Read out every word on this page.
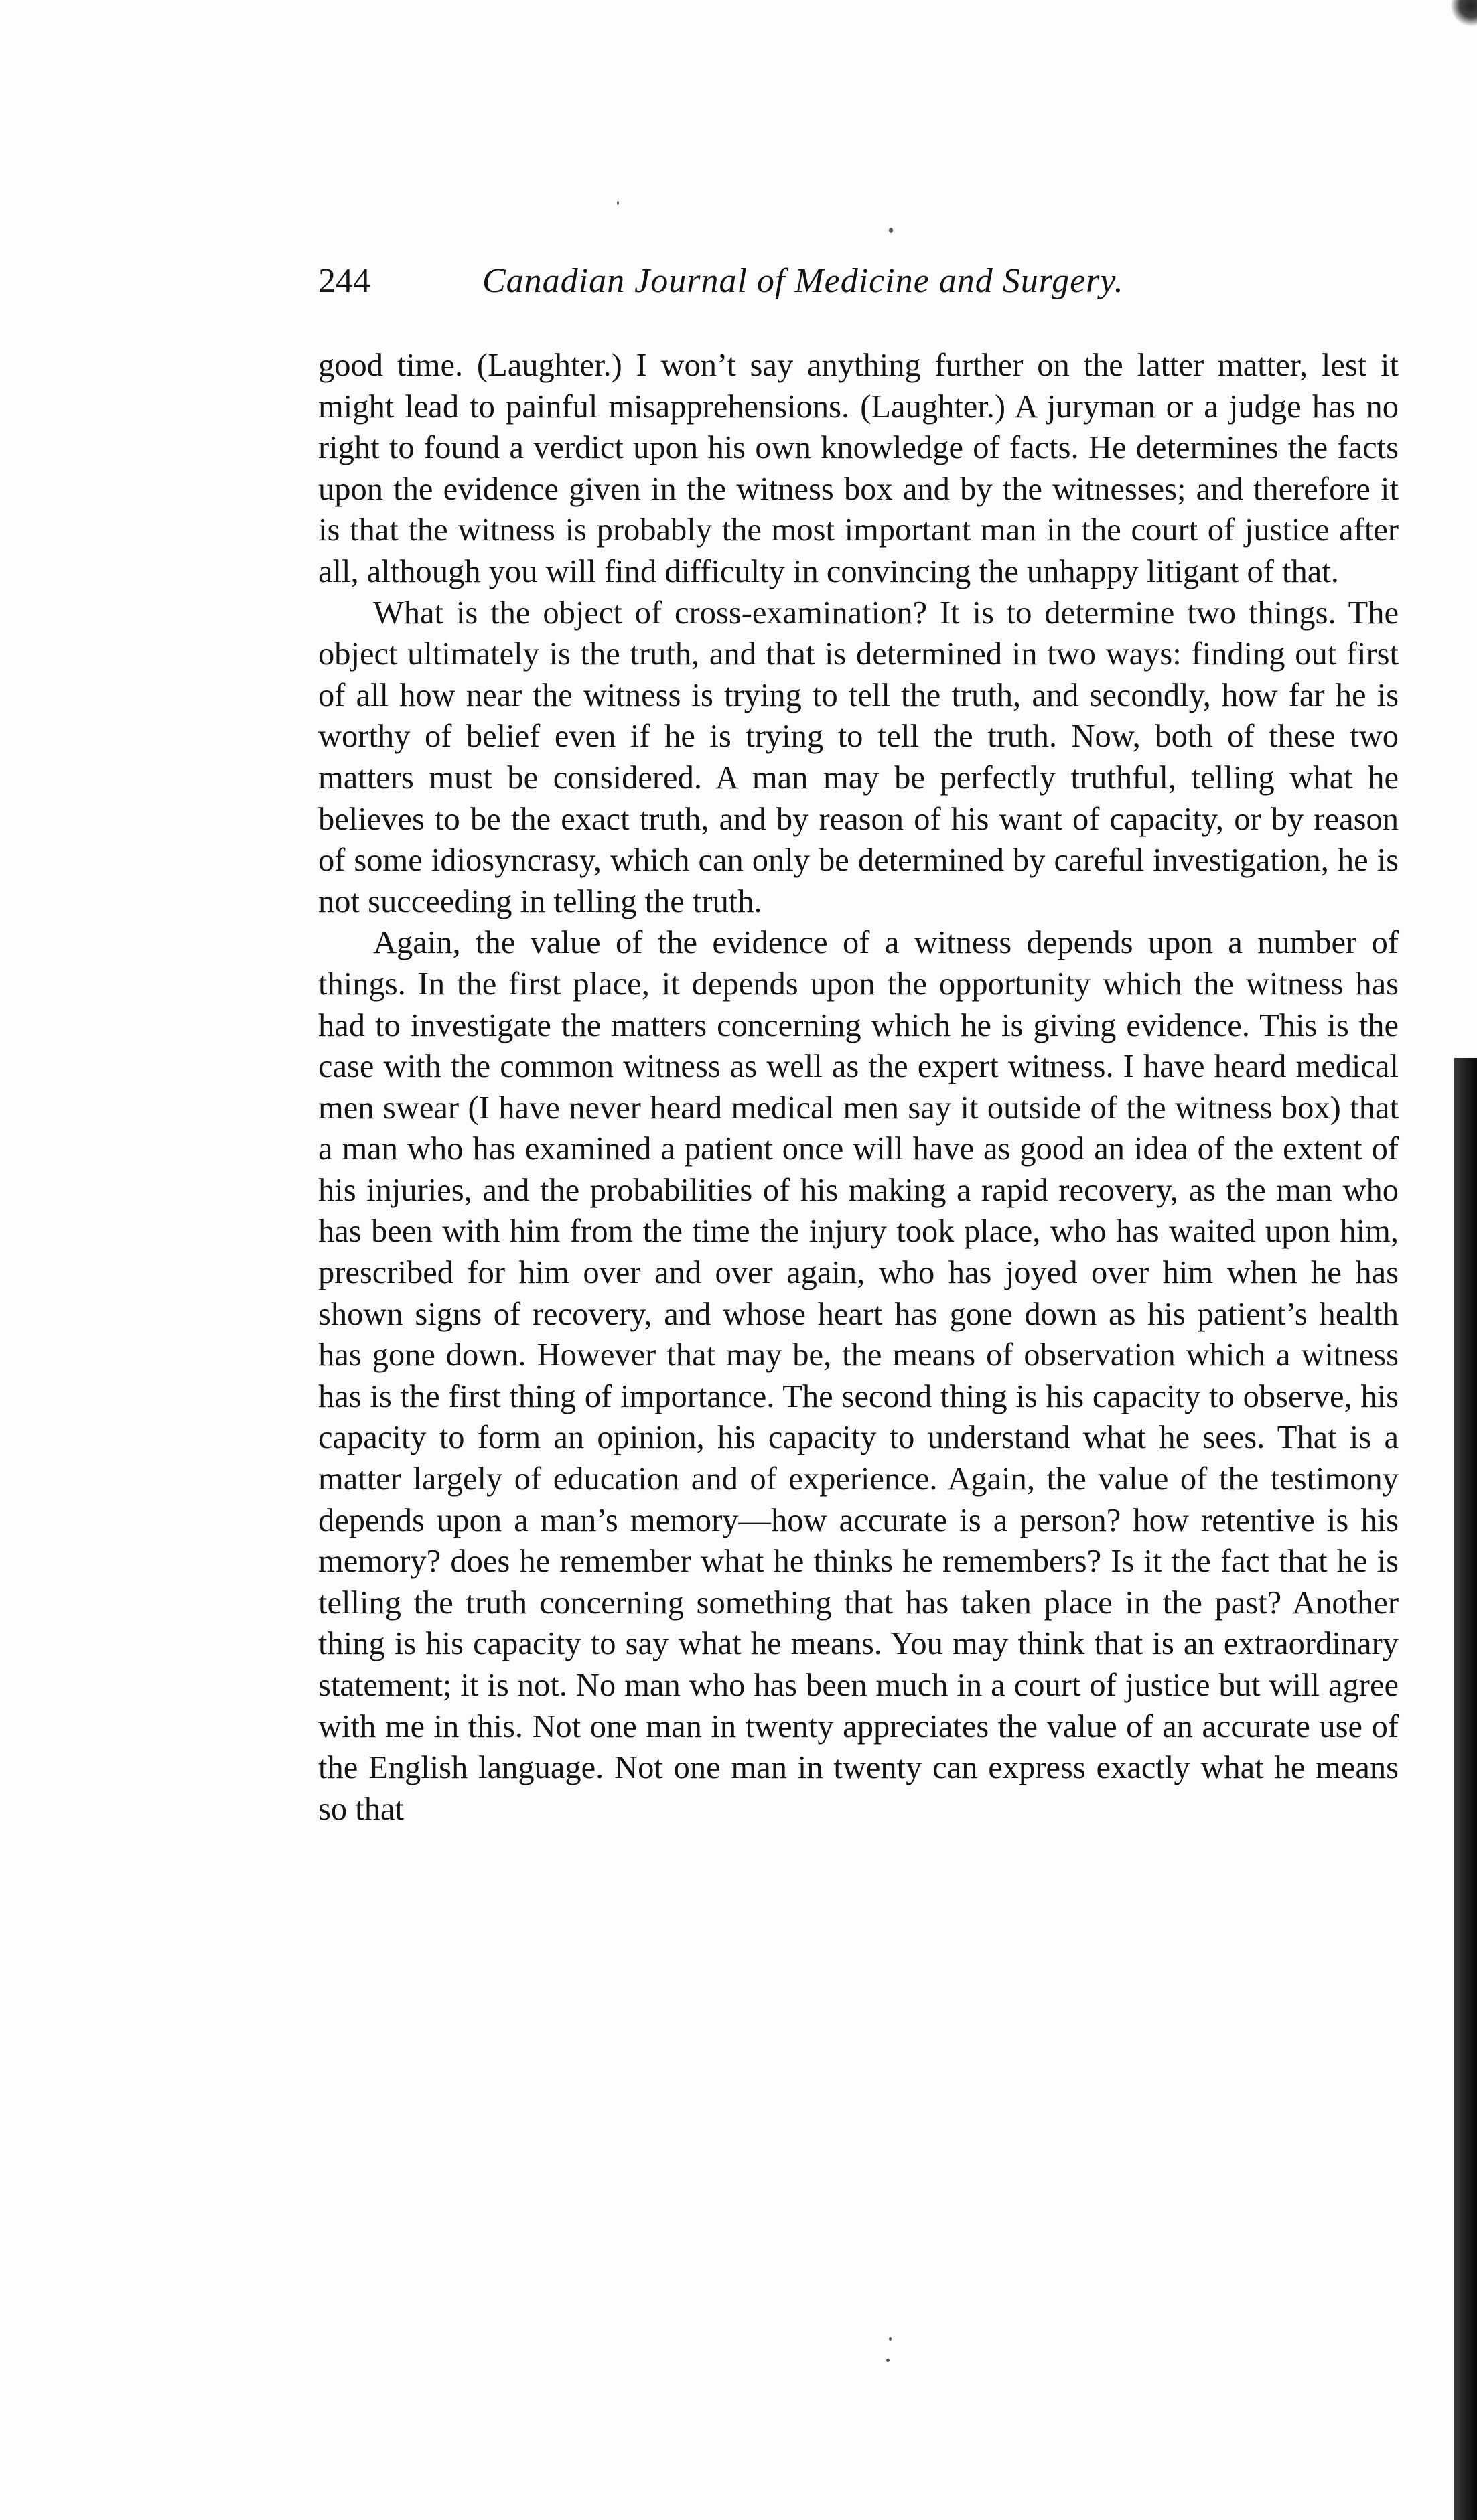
244	Canadian Journal of Medicine and Surgery.

good time. (Laughter.) I won’t say anything further on the latter matter, lest it might lead to painful misapprehensions. (Laughter.) A juryman or a judge has no right to found a verdict upon his own knowledge of facts. He determines the facts upon the evidence given in the witness box and by the witnesses; and therefore it is that the witness is probably the most important man in the court of justice after all, although you will find difficulty in convincing the unhappy litigant of that.

What is the object of cross-examination? It is to determine two things. The object ultimately is the truth, and that is determined in two ways: finding out first of all how near the witness is trying to tell the truth, and secondly, how far he is worthy of belief even if he is trying to tell the truth. Now, both of these two matters must be considered. A man may be perfectly truthful, telling what he believes to be the exact truth, and by reason of his want of capacity, or by reason of some idiosyncrasy, which can only be determined by careful investigation, he is not succeeding in telling the truth.

Again, the value of the evidence of a witness depends upon a number of things. In the first place, it depends upon the opportunity which the witness has had to investigate the matters concerning which he is giving evidence. This is the case with the common witness as well as the expert witness. I have heard medical men swear (I have never heard medical men say it outside of the witness box) that a man who has examined a patient once will have as good an idea of the extent of his injuries, and the probabilities of his making a rapid recovery, as the man who has been with him from the time the injury took place, who has waited upon him, prescribed for him over and over again, who has joyed over him when he has shown signs of recovery, and whose heart has gone down as his patient’s health has gone down. However that may be, the means of observation which a witness has is the first thing of importance. The second thing is his capacity to observe, his capacity to form an opinion, his capacity to understand what he sees. That is a matter largely of education and of experience. Again, the value of the testimony depends upon a man’s memory—how accurate is a person? how retentive is his memory? does he remember what he thinks he remembers? Is it the fact that he is telling the truth concerning something that has taken place in the past? Another thing is his capacity to say what he means. You may think that is an extraordinary statement; it is not. No man who has been much in a court of justice but will agree with me in this. Not one man in twenty appreciates the value of an accurate use of the English language. Not one man in twenty can express exactly what he means so that
